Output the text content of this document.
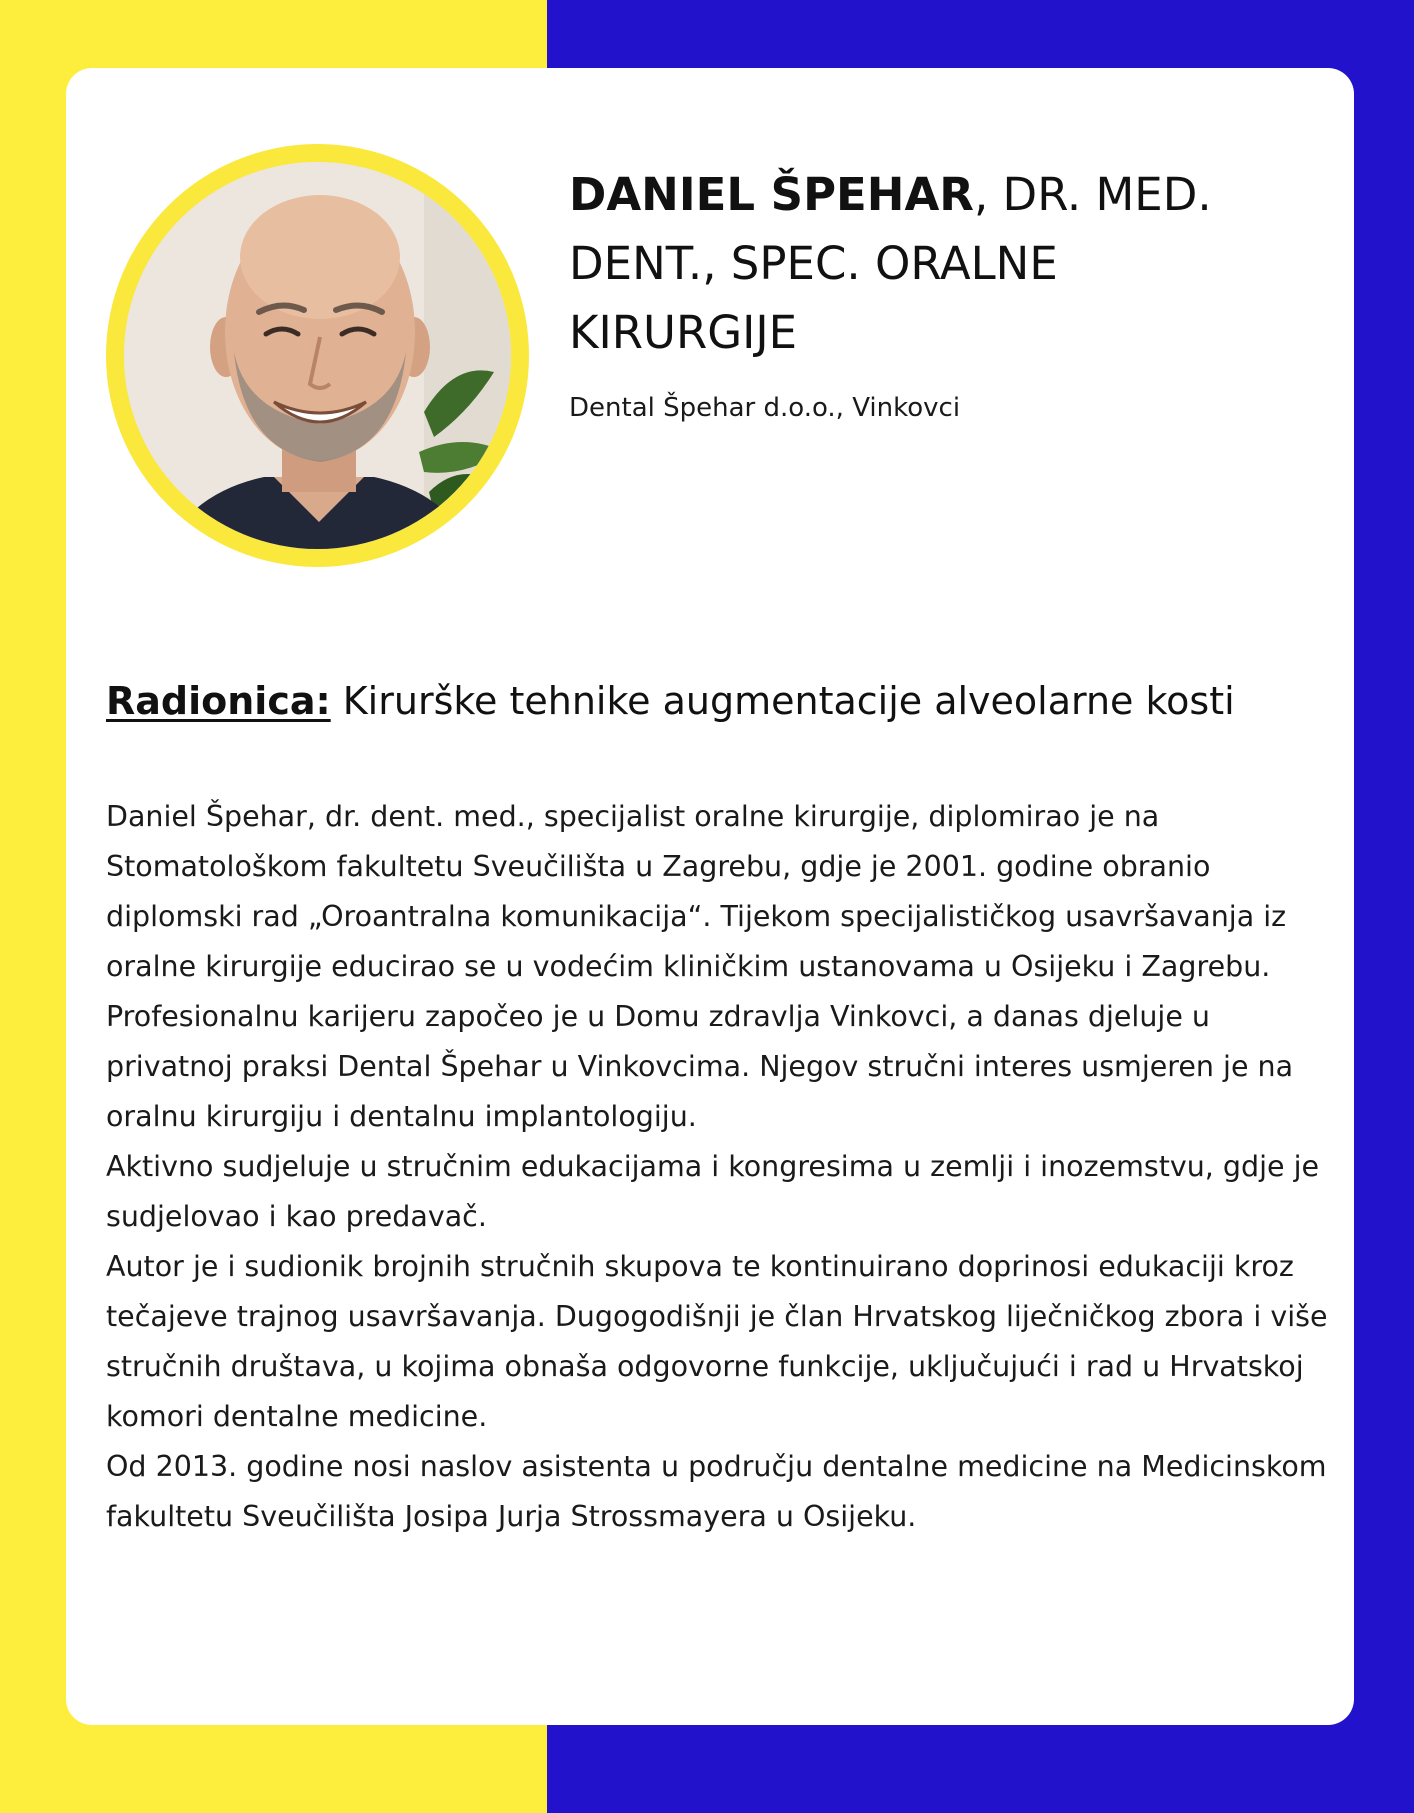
DANIEL ŠPEHAR, DR. MED. DENT., SPEC. ORALNE KIRURGIJE
Dental Špehar d.o.o., Vinkovci
Radionica: Kirurške tehnike augmentacije alveolarne kosti

Daniel Špehar, dr. dent. med., specijalist oralne kirurgije, diplomirao je na Stomatološkom fakultetu Sveučilišta u Zagrebu, gdje je 2001. godine obranio diplomski rad „Oroantralna komunikacija“. Tijekom specijalističkog usavršavanja iz oralne kirurgije educirao se u vodećim kliničkim ustanovama u Osijeku i Zagrebu.

Profesionalnu karijeru započeo je u Domu zdravlja Vinkovci, a danas djeluje u privatnoj praksi Dental Špehar u Vinkovcima. Njegov stručni interes usmjeren je na oralnu kirurgiju i dentalnu implantologiju.

Aktivno sudjeluje u stručnim edukacijama i kongresima u zemlji i inozemstvu, gdje je sudjelovao i kao predavač.

Autor je i sudionik brojnih stručnih skupova te kontinuirano doprinosi edukaciji kroz tečajeve trajnog usavršavanja. Dugogodišnji je član Hrvatskog liječničkog zbora i više stručnih društava, u kojima obnaša odgovorne funkcije, uključujući i rad u Hrvatskoj komori dentalne medicine.

Od 2013. godine nosi naslov asistenta u području dentalne medicine na Medicinskom fakultetu Sveučilišta Josipa Jurja Strossmayera u Osijeku.
